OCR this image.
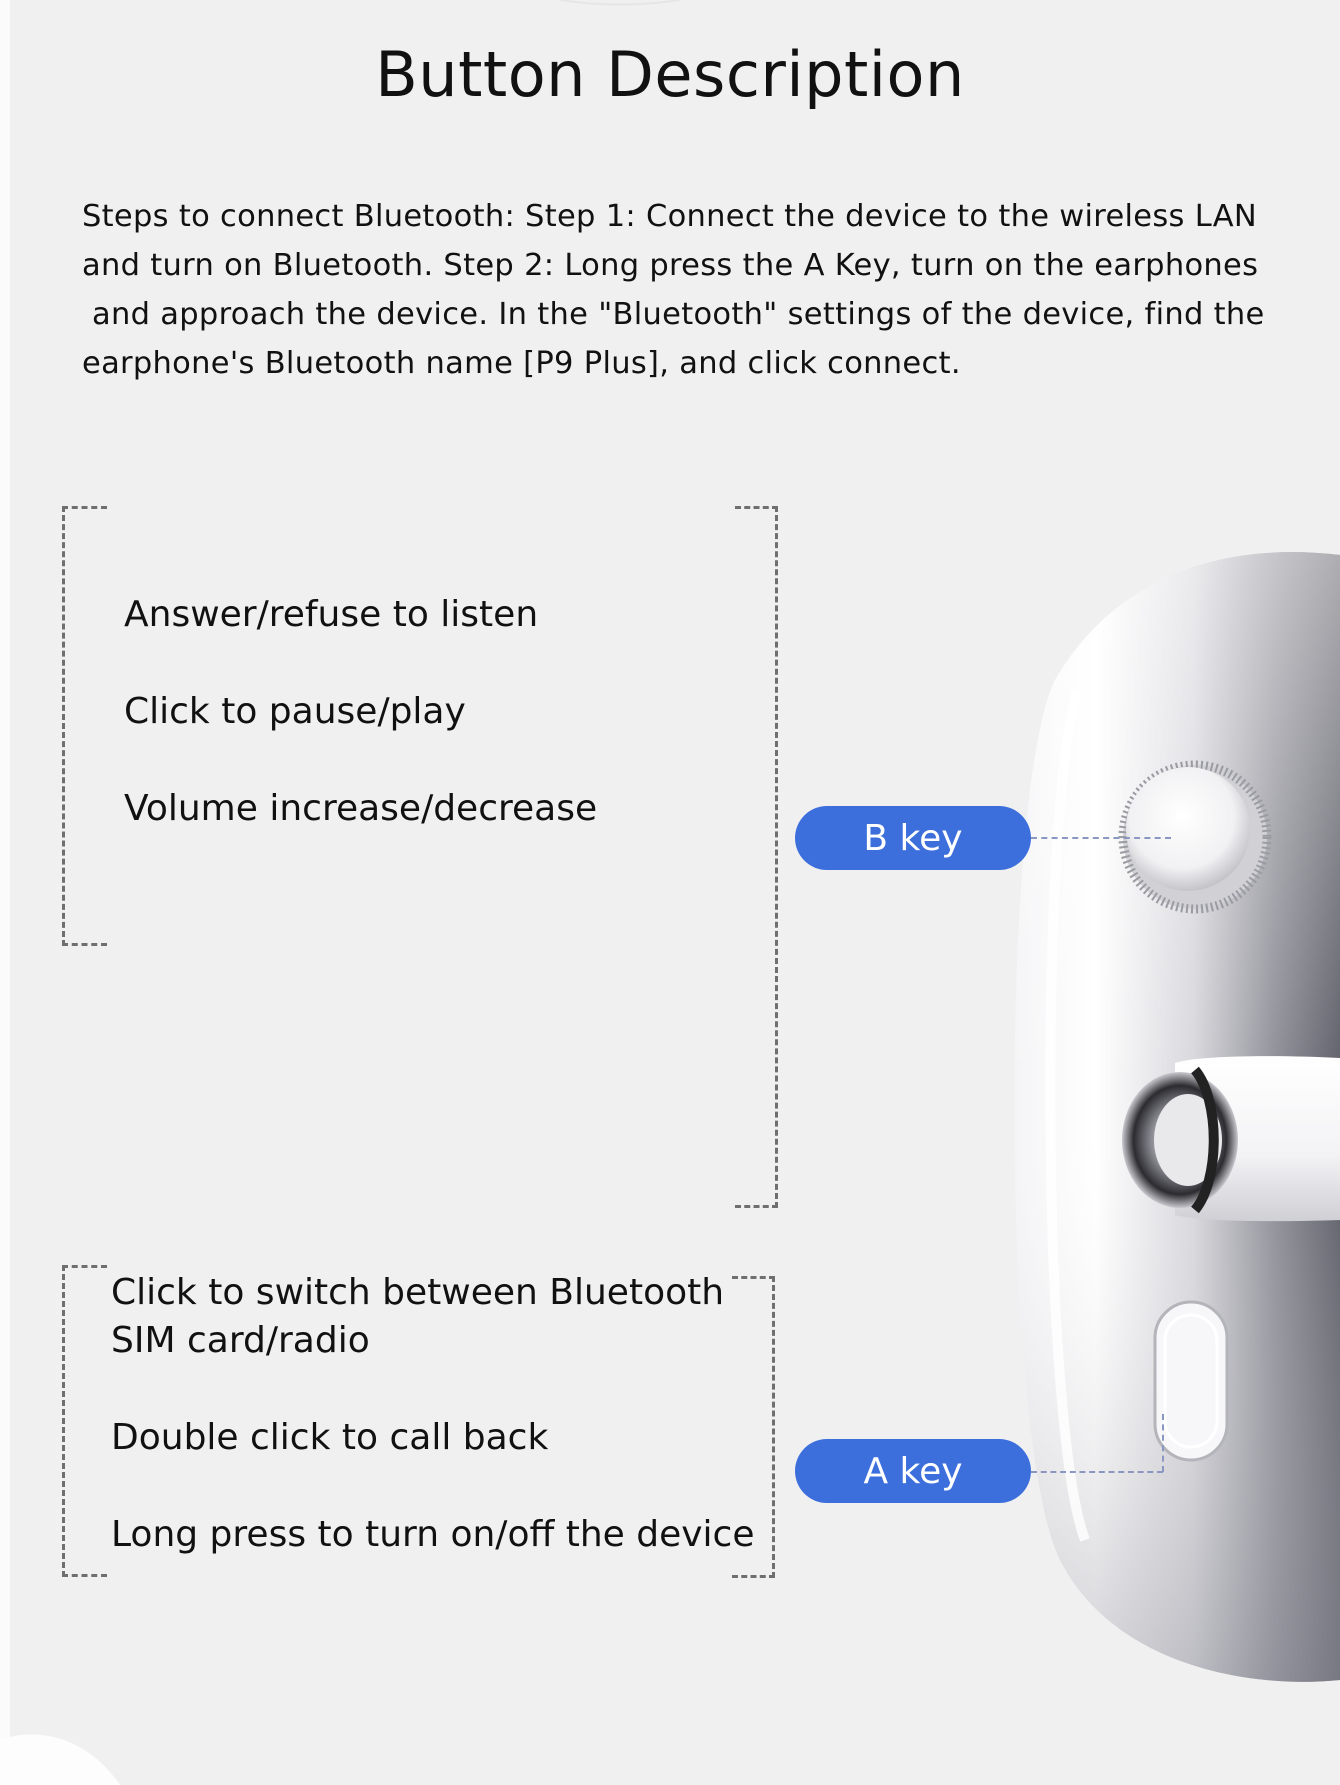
Button Description
Steps to connect Bluetooth: Step 1: Connect the device to the wireless LAN
and turn on Bluetooth. Step 2: Long press the A Key, turn on the earphones
and approach the device. In the "Bluetooth" settings of the device, find the
earphone's Bluetooth name [P9 Plus], and click connect.
Answer/refuse to listen
Click to pause/play
Volume increase/decrease
B key
Click to switch between Bluetooth
SIM card/radio
Double click to call back
Long press to turn on/off the device
A key
